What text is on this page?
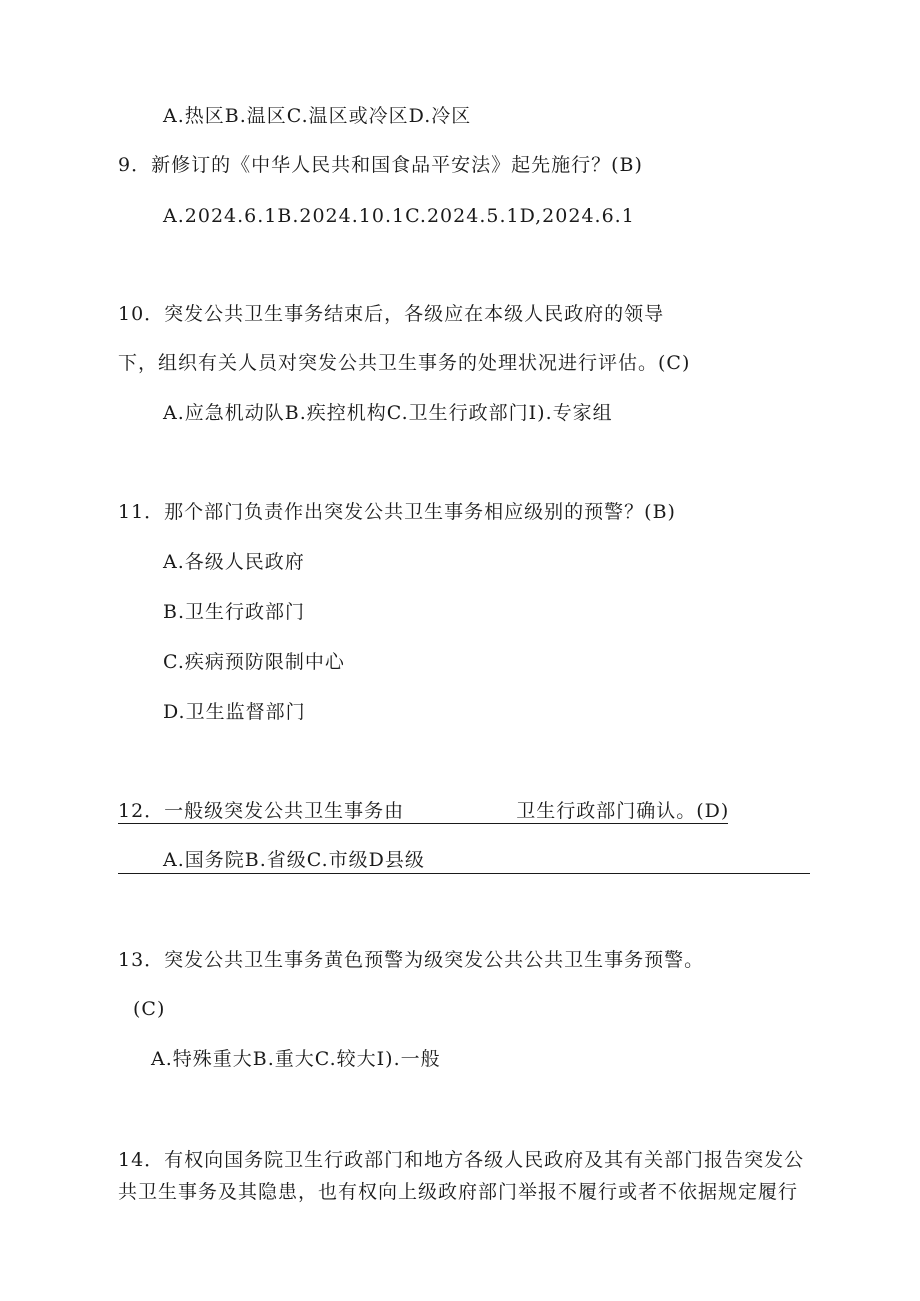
A.热区B.温区C.温区或冷区D.冷区
9．新修订的《中华人民共和国食品平安法》起先施行？(B)
A.2024.6.1B.2024.10.1C.2024.5.1D,2024.6.1
10．突发公共卫生事务结束后，各级应在本级人民政府的领导
下，组织有关人员对突发公共卫生事务的处理状况进行评估。(C)
A.应急机动队B.疾控机构C.卫生行政部门I).专家组
11．那个部门负责作出突发公共卫生事务相应级别的预警？(B)
A.各级人民政府
B.卫生行政部门
C.疾病预防限制中心
D.卫生监督部门
12．一般级突发公共卫生事务由	卫生行政部门确认。(D)
A.国务院B.省级C.市级D县级
13．突发公共卫生事务黄色预警为级突发公共公共卫生事务预警。
(C)
A.特殊重大B.重大C.较大I).一般
14．有权向国务院卫生行政部门和地方各级人民政府及其有关部门报告突发公
共卫生事务及其隐患，也有权向上级政府部门举报不履行或者不依据规定履行
